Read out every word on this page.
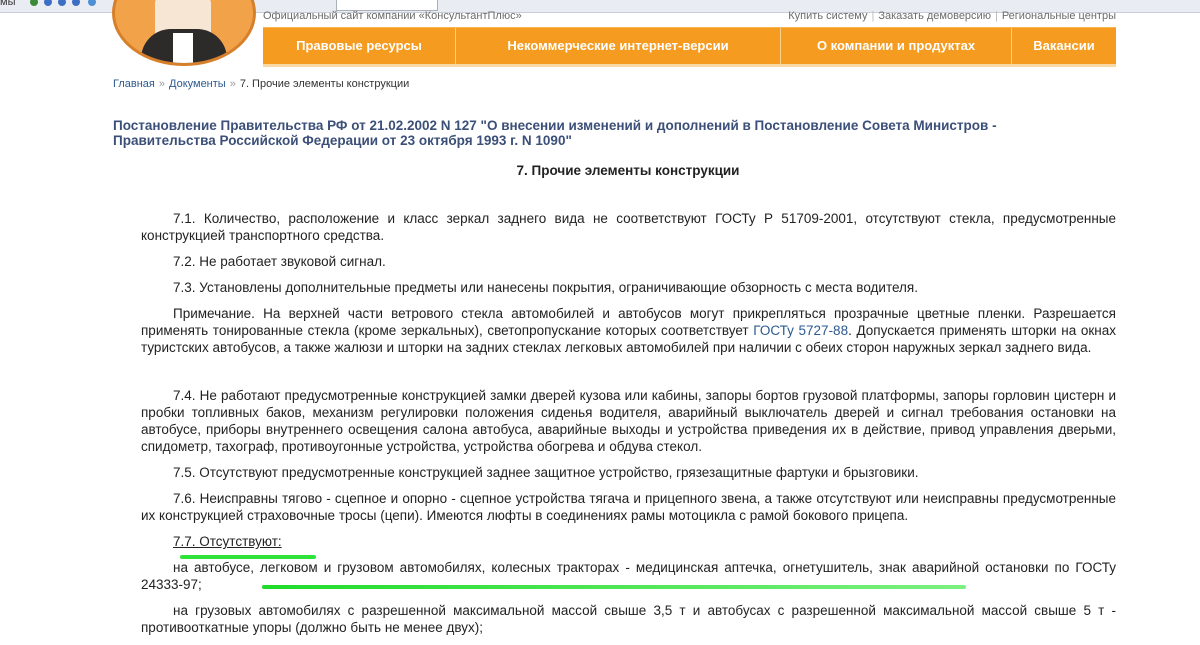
мы
Официальный сайт компании «КонсультантПлюс»	Купить систему | Заказать демоверсию | Региональные центры
Правовые ресурсы	Некоммерческие интернет-версии	О компании и продуктах	Вакансии
Главная » Документы » 7. Прочие элементы конструкции
Постановление Правительства РФ от 21.02.2002 N 127 "О внесении изменений и дополнений в Постановление Совета Министров - Правительства Российской Федерации от 23 октября 1993 г. N 1090"
7. Прочие элементы конструкции

7.1. Количество, расположение и класс зеркал заднего вида не соответствуют ГОСТу Р 51709-2001, отсутствуют стекла, предусмотренные конструкцией транспортного средства.

7.2. Не работает звуковой сигнал.

7.3. Установлены дополнительные предметы или нанесены покрытия, ограничивающие обзорность с места водителя.

Примечание. На верхней части ветрового стекла автомобилей и автобусов могут прикрепляться прозрачные цветные пленки. Разрешается применять тонированные стекла (кроме зеркальных), светопропускание которых соответствует ГОСТу 5727-88. Допускается применять шторки на окнах туристских автобусов, а также жалюзи и шторки на задних стеклах легковых автомобилей при наличии с обеих сторон наружных зеркал заднего вида.

7.4. Не работают предусмотренные конструкцией замки дверей кузова или кабины, запоры бортов грузовой платформы, запоры горловин цистерн и пробки топливных баков, механизм регулировки положения сиденья водителя, аварийный выключатель дверей и сигнал требования остановки на автобусе, приборы внутреннего освещения салона автобуса, аварийные выходы и устройства приведения их в действие, привод управления дверьми, спидометр, тахограф, противоугонные устройства, устройства обогрева и обдува стекол.

7.5. Отсутствуют предусмотренные конструкцией заднее защитное устройство, грязезащитные фартуки и брызговики.

7.6. Неисправны тягово - сцепное и опорно - сцепное устройства тягача и прицепного звена, а также отсутствуют или неисправны предусмотренные их конструкцией страховочные тросы (цепи). Имеются люфты в соединениях рамы мотоцикла с рамой бокового прицепа.

7.7. Отсутствуют:

на автобусе, легковом и грузовом автомобилях, колесных тракторах - медицинская аптечка, огнетушитель, знак аварийной остановки по ГОСТу 24333-97;

на грузовых автомобилях с разрешенной максимальной массой свыше 3,5 т и автобусах с разрешенной максимальной массой свыше 5 т - противооткатные упоры (должно быть не менее двух);
